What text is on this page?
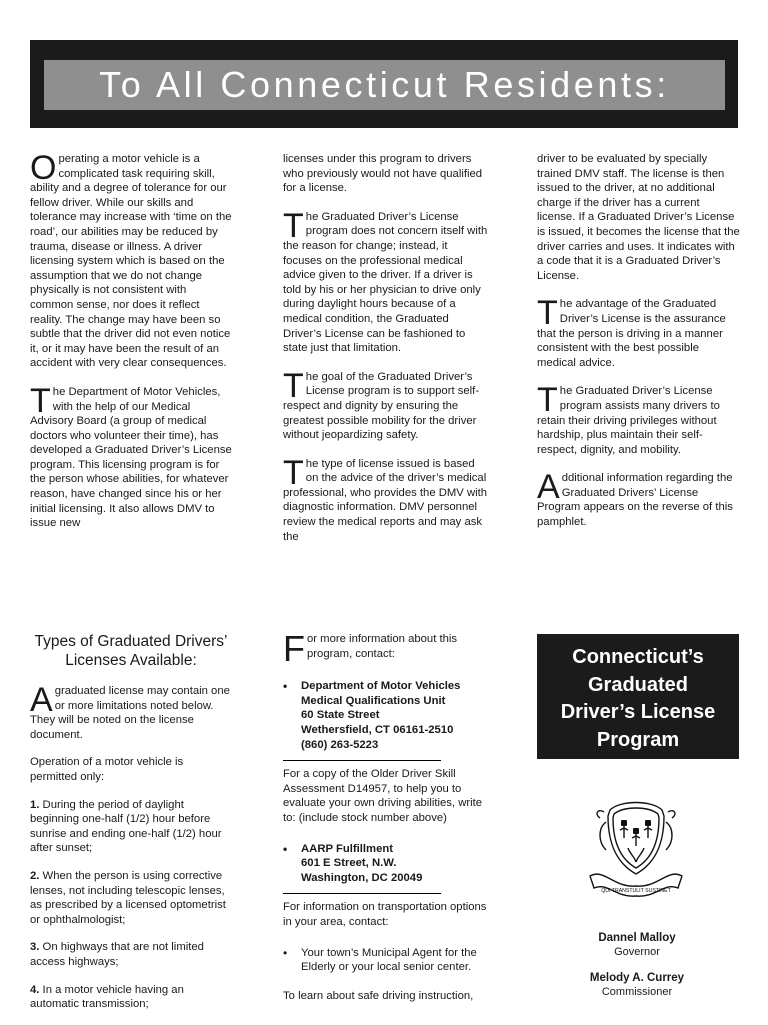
To All Connecticut Residents:

Operating a motor vehicle is a complicated task requiring skill, ability and a degree of tolerance for our fellow driver. While our skills and tolerance may increase with ‘time on the road’, our abilities may be reduced by trauma, disease or illness. A driver licensing system which is based on the assumption that we do not change physically is not consistent with common sense, nor does it reflect reality. The change may have been so subtle that the driver did not even notice it, or it may have been the result of an accident with very clear consequences.

The Department of Motor Vehicles, with the help of our Medical Advisory Board (a group of medical doctors who volunteer their time), has developed a Graduated Driver’s License program. This licensing program is for the person whose abilities, for whatever reason, have changed since his or her initial licensing. It also allows DMV to issue new

licenses under this program to drivers who previously would not have qualified for a license.

The Graduated Driver’s License program does not concern itself with the reason for change; instead, it focuses on the professional medical advice given to the driver. If a driver is told by his or her physician to drive only during daylight hours because of a medical condition, the Graduated Driver’s License can be fashioned to state just that limitation.

The goal of the Graduated Driver’s License program is to support self-respect and dignity by ensuring the greatest possible mobility for the driver without jeopardizing safety.

The type of license issued is based on the advice of the driver’s medical professional, who provides the DMV with diagnostic information. DMV personnel review the medical reports and may ask the

driver to be evaluated by specially trained DMV staff. The license is then issued to the driver, at no additional charge if the driver has a current license. If a Graduated Driver’s License is issued, it becomes the license that the driver carries and uses. It indicates with a code that it is a Graduated Driver’s License.

The advantage of the Graduated Driver’s License is the assurance that the person is driving in a manner consistent with the best possible medical advice.

The Graduated Driver’s License program assists many drivers to retain their driving privileges without hardship, plus maintain their self-respect, dignity, and mobility.

Additional information regarding the Graduated Drivers’ License Program appears on the reverse of this pamphlet.

Types of Graduated Drivers’ Licenses Available:

A graduated license may contain one or more limitations noted below. They will be noted on the license document.

Operation of a motor vehicle is permitted only:

1. During the period of daylight beginning one-half (1/2) hour before sunrise and ending one-half (1/2) hour after sunset;

2. When the person is using corrective lenses, not including telescopic lenses, as prescribed by a licensed optometrist or ophthalmologist;

3. On highways that are not limited access highways;

4. In a motor vehicle having an automatic transmission;

For more information about this program, contact:

• Department of Motor Vehicles
Medical Qualifications Unit
60 State Street
Wethersfield, CT 06161-2510
(860) 263-5223

For a copy of the Older Driver Skill Assessment D14957, to help you to evaluate your own driving abilities, write to: (include stock number above)

• AARP Fulfillment
601 E Street, N.W.
Washington, DC 20049

For information on transportation options in your area, contact:

• Your town’s Municipal Agent for the Elderly or your local senior center.

To learn about safe driving instruction,

Connecticut’s
Graduated
Driver’s License
Program
QUI TRANSTULIT SUSTINET
Dannel Malloy
Governor
Melody A. Currey
Commissioner
